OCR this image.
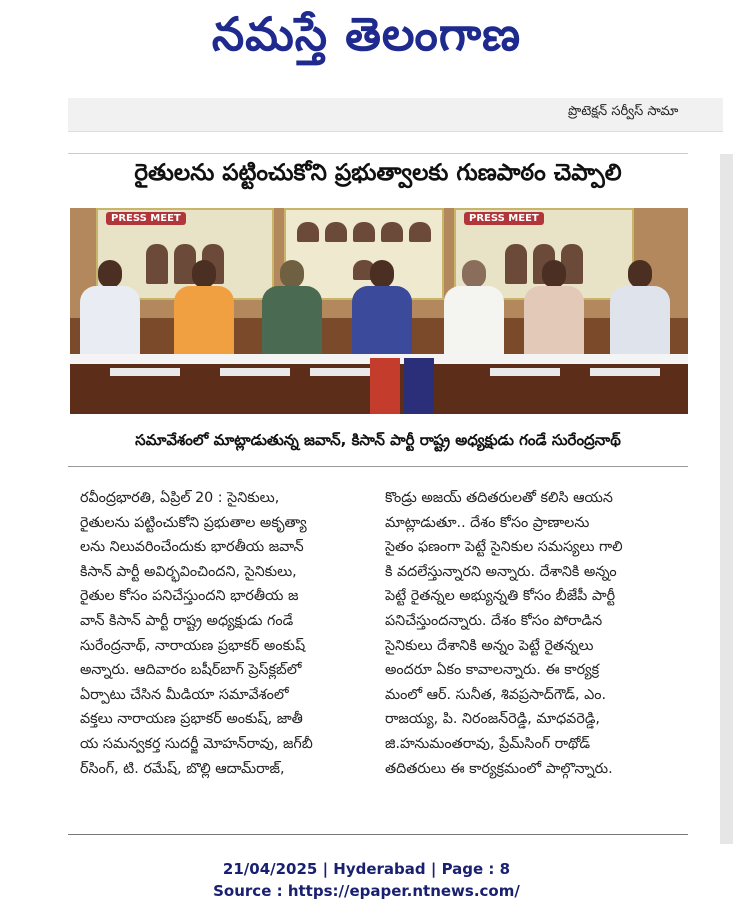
నమస్తే తెలంగాణ
ప్రొటెక్షన్ సర్వీస్ సామా
రైతులను పట్టించుకోని ప్రభుత్వాలకు గుణపాఠం చెప్పాలి
PRESS MEET	PRESS MEET
సమావేశంలో మాట్లాడుతున్న జవాన్, కిసాన్ పార్టీ రాష్ట్ర అధ్యక్షుడు గండే సురేంద్రనాథ్

రవీంద్రభారతి, ఏప్రిల్ 20 : సైనికులు,

రైతులను పట్టించుకోని ప్రభుతాల అకృత్యా

లను నిలువరించేందుకు భారతీయ జవాన్

కిసాన్ పార్టీ అవిర్భవించిందని, సైనికులు,

రైతుల కోసం పనిచేస్తుందని భారతీయ జ

వాన్ కిసాన్ పార్టీ రాష్ట్ర అధ్యక్షుడు గండే

సురేంద్రనాథ్, నారాయణ ప్రభాకర్ అంకుష్

అన్నారు. ఆదివారం బషీర్‌బాగ్ ప్రెస్‌క్లబ్‌లో

ఏర్పాటు చేసిన మీడియా సమావేశంలో

వక్తలు నారాయణ ప్రభాకర్ అంకుష్, జాతీ

య సమన్వకర్త సుదర్జీ మోహన్‌రావు, జగ్‌బీ

ర్‌సింగ్, టి. రమేష్, బొల్లి ఆదామ్‌రాజ్,

కొండ్రు అజయ్ తదితరులతో కలిసి ఆయన

మాట్లాడుతూ.. దేశం కోసం ప్రాణాలను

సైతం ఫణంగా పెట్టే సైనికుల సమస్యలు గాలి

కి వదలేస్తున్నారని అన్నారు. దేశానికి అన్నం

పెట్టే రైతన్నల అభ్యున్నతి కోసం బీజేపీ పార్టీ

పనిచేస్తుందన్నారు. దేశం కోసం పోరాడిన

సైనికులు దేశానికి అన్నం పెట్టే రైతన్నలు

అందరూ ఏకం కావాలన్నారు. ఈ కార్యక్ర

మంలో ఆర్. సునీత, శివప్రసాద్‌గౌడ్, ఎం.

రాజయ్య, పి. నిరంజన్‌రెడ్డి, మాధవరెడ్డి,

జి.హనుమంతరావు, ప్రేమ్‌సింగ్ రాథోడ్

తదితరులు ఈ కార్యక్రమంలో పాల్గొన్నారు.

21/04/2025 | Hyderabad | Page : 8
Source : https://epaper.ntnews.com/
